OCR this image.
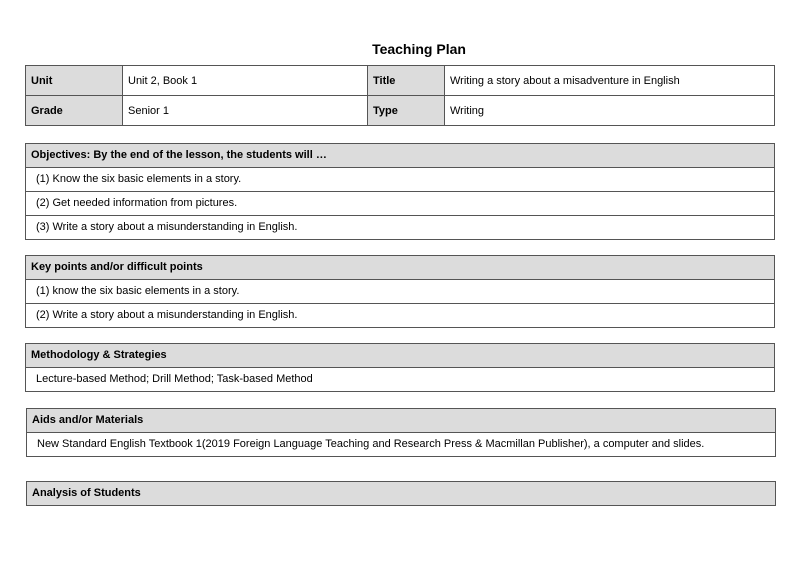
Teaching Plan
Unit	Unit 2, Book 1	Title	Writing a story about a misadventure in English
Grade	Senior 1	Type	Writing
Objectives: By the end of the lesson, the students will …
(1) Know the six basic elements in a story.
(2) Get needed information from pictures.
(3) Write a story about a misunderstanding in English.
Key points and/or difficult points
(1) know the six basic elements in a story.
(2) Write a story about a misunderstanding in English.
Methodology & Strategies
Lecture-based Method; Drill Method; Task-based Method
Aids and/or Materials
New Standard English Textbook 1(2019 Foreign Language Teaching and Research Press & Macmillan Publisher), a computer and slides.
Analysis of Students
